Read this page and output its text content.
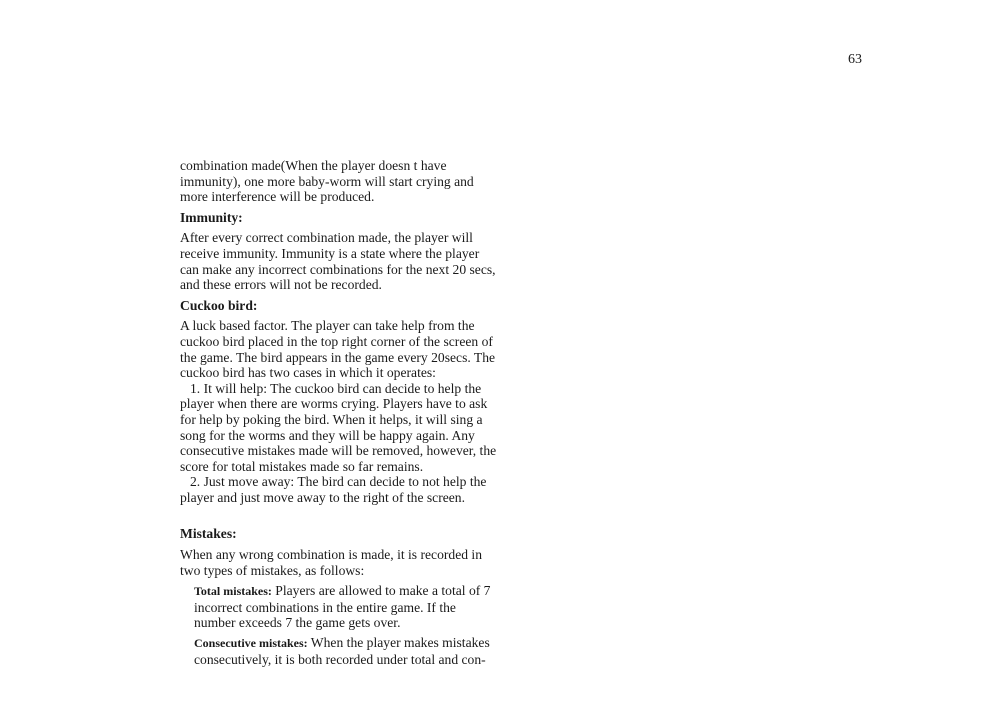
63

combination made(When the player doesn t have immunity), one more baby-worm will start crying and more interference will be produced.

Immunity:

After every correct combination made, the player will receive immunity. Immunity is a state where the player can make any incorrect combinations for the next 20 secs, and these errors will not be recorded.

Cuckoo bird:

A luck based factor. The player can take help from the cuckoo bird placed in the top right corner of the screen of the game. The bird appears in the game every 20secs. The cuckoo bird has two cases in which it operates:

1. It will help: The cuckoo bird can decide to help the player when there are worms crying. Players have to ask for help by poking the bird. When it helps, it will sing a song for the worms and they will be happy again. Any consecutive mistakes made will be removed, however, the score for total mistakes made so far remains.

2. Just move away: The bird can decide to not help the player and just move away to the right of the screen.

Mistakes:

When any wrong combination is made, it is recorded in two types of mistakes, as follows:

Total mistakes: Players are allowed to make a total of 7 incorrect combinations in the entire game. If the number exceeds 7 the game gets over.

Consecutive mistakes: When the player makes mistakes consecutively, it is both recorded under total and con-
